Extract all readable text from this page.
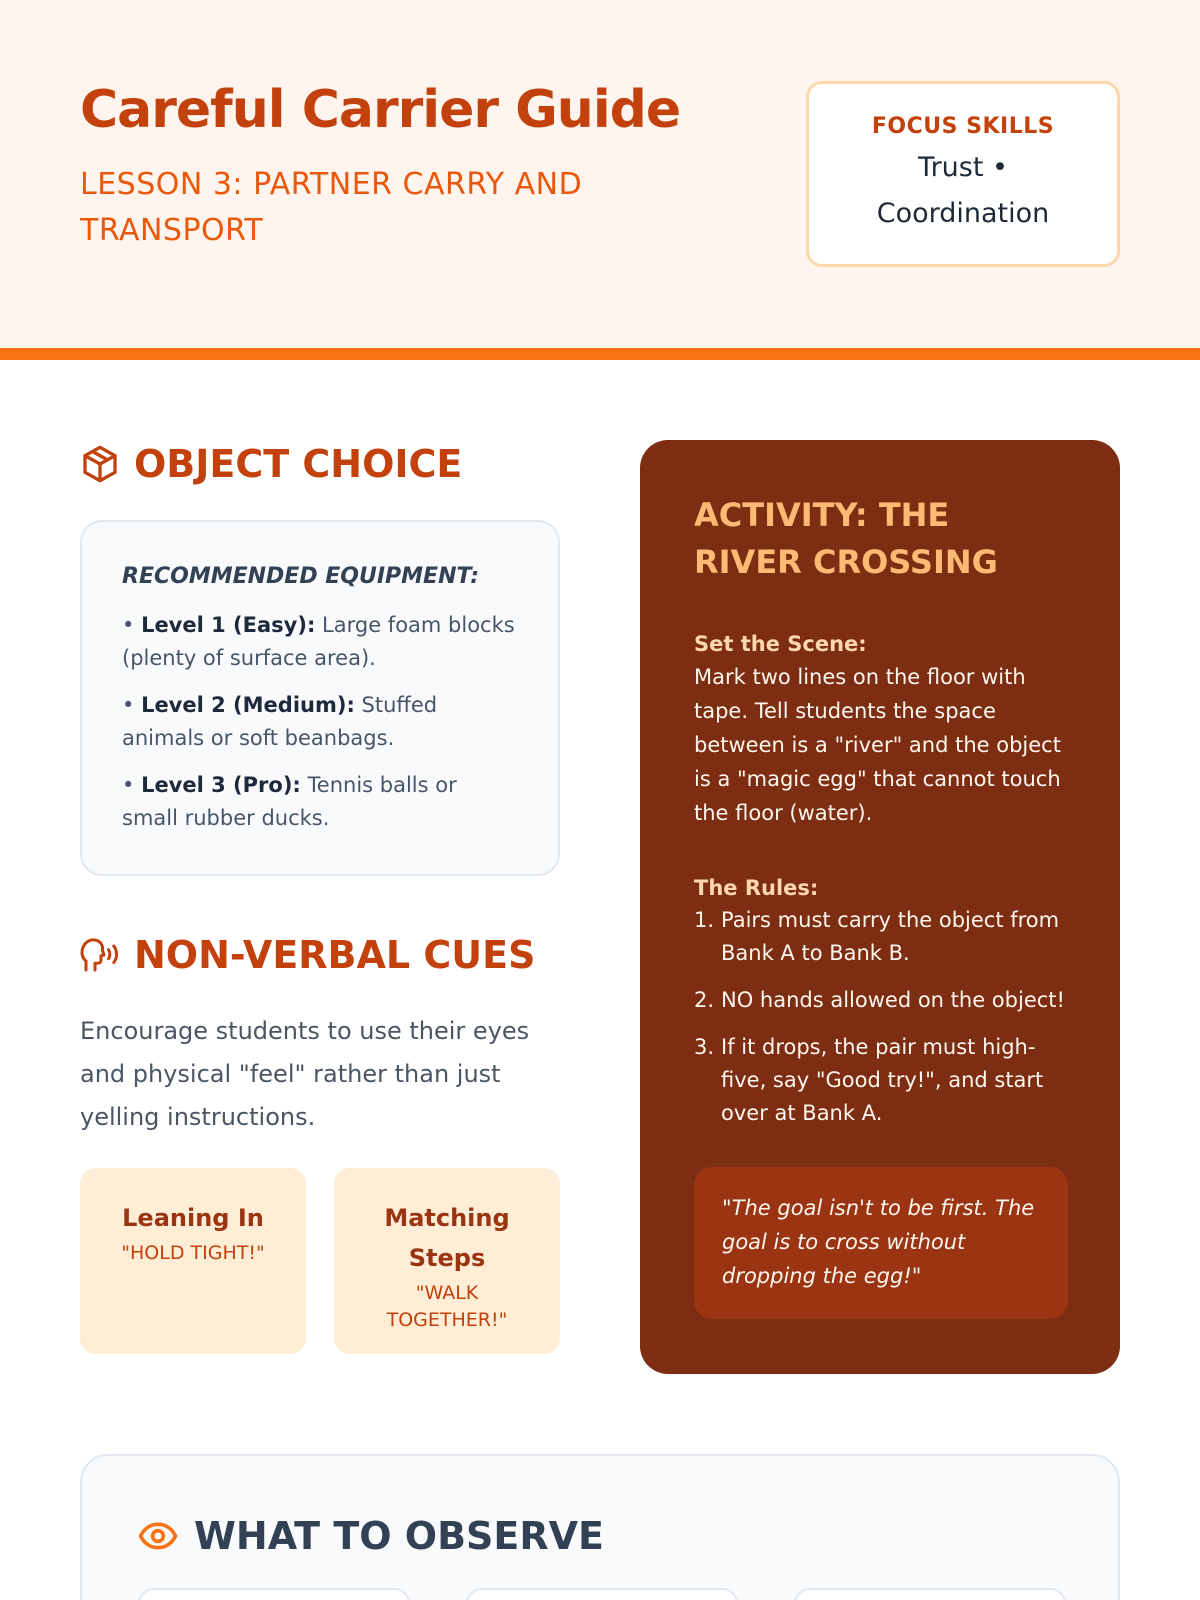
Careful Carrier Guide
LESSON 3: PARTNER CARRY AND TRANSPORT
FOCUS SKILLS
Trust • Coordination
OBJECT CHOICE
RECOMMENDED EQUIPMENT:
• Level 1 (Easy): Large foam blocks (plenty of surface area).
• Level 2 (Medium): Stuffed animals or soft beanbags.
• Level 3 (Pro): Tennis balls or small rubber ducks.
NON-VERBAL CUES

Encourage students to use their eyes and physical "feel" rather than just yelling instructions.

Leaning In
"HOLD TIGHT!"
Matching Steps
"WALK TOGETHER!"
ACTIVITY: THE RIVER CROSSING
Set the Scene:
Mark two lines on the floor with tape. Tell students the space between is a "river" and the object is a "magic egg" that cannot touch the floor (water).
The Rules:
1. Pairs must carry the object from Bank A to Bank B.
2. NO hands allowed on the object!
3. If it drops, the pair must high-five, say "Good try!", and start over at Bank A.
"The goal isn't to be first. The goal is to cross without dropping the egg!"
WHAT TO OBSERVE
